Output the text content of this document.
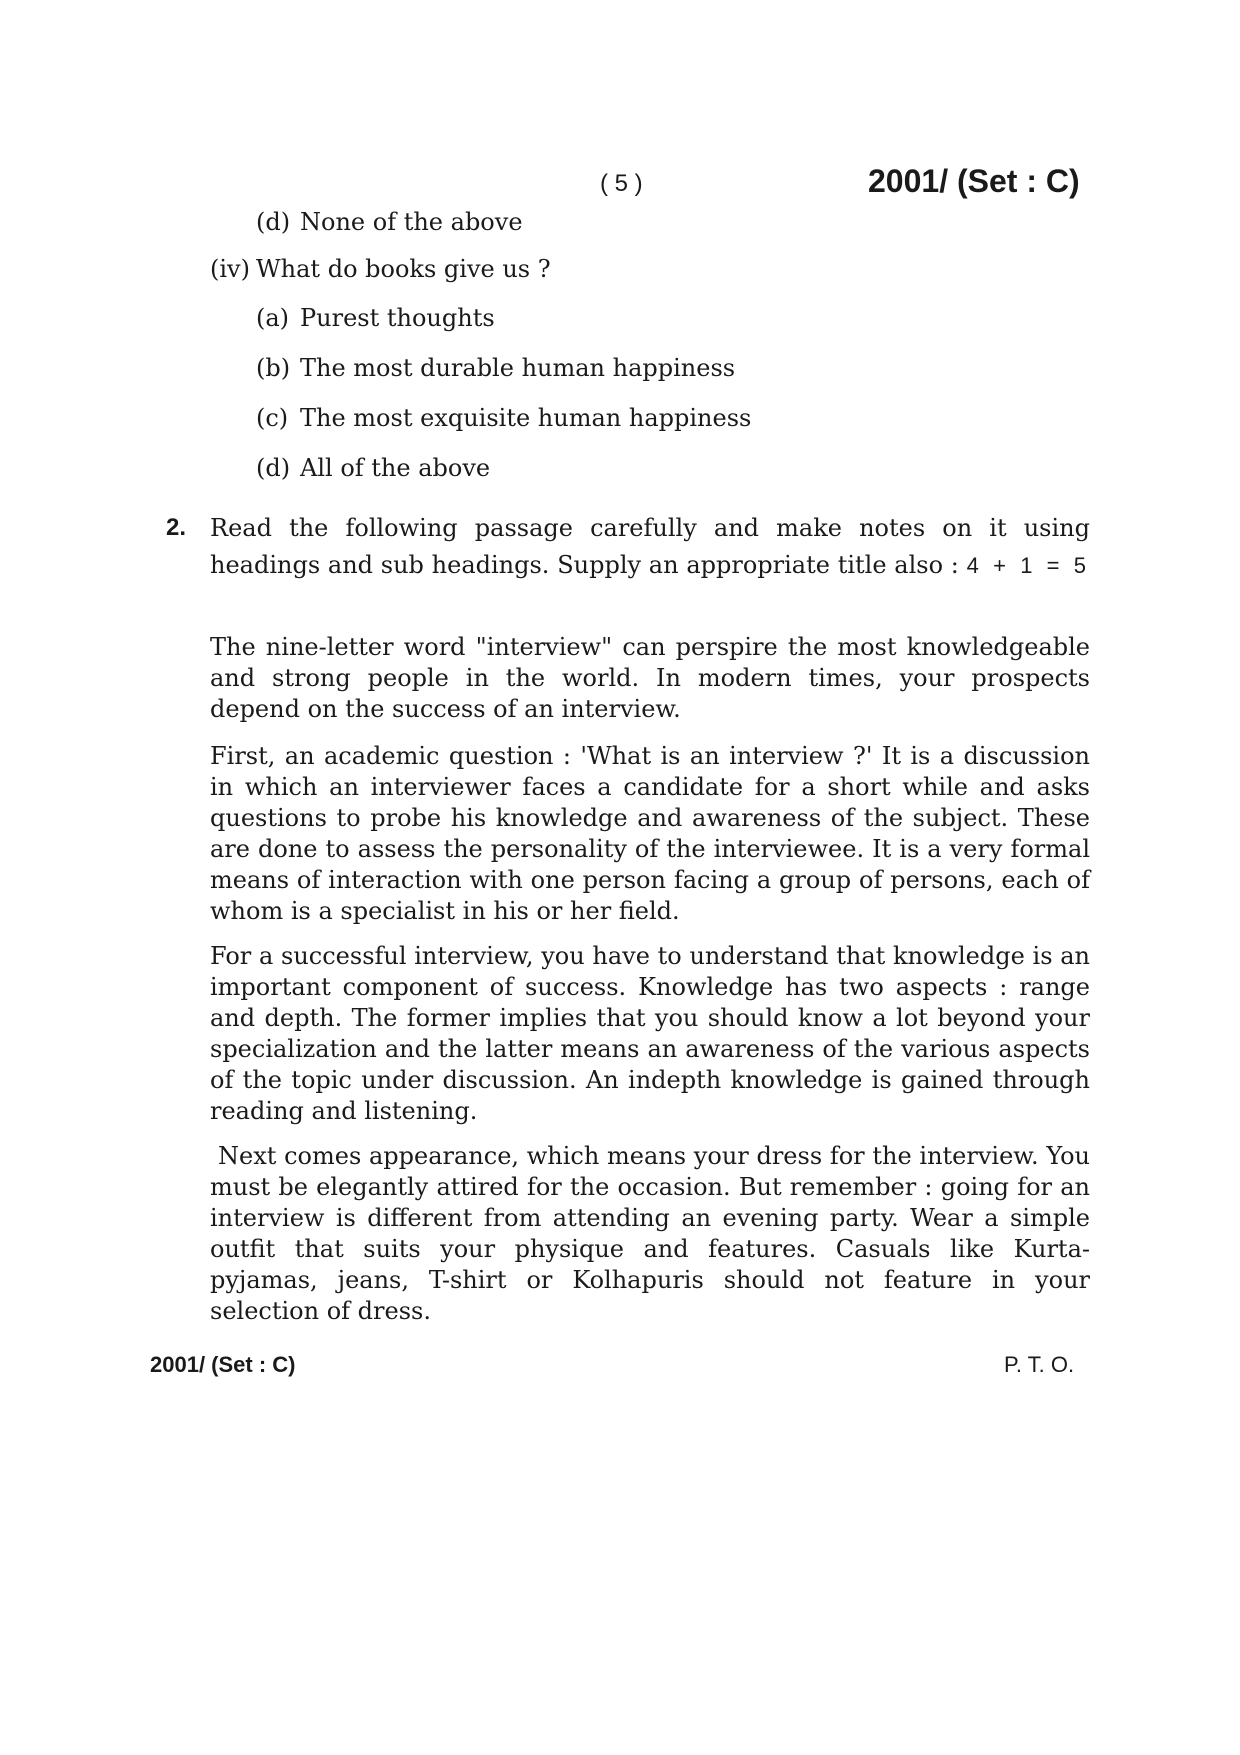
( 5 )	2001/ (Set : C)
(d) None of the above
(iv) What do books give us ?
(a) Purest thoughts
(b) The most durable human happiness
(c) The most exquisite human happiness
(d) All of the above
2. Read the following passage carefully and make notes on it using
headings and sub headings. Supply an appropriate title also : 4 + 1 = 5

The nine-letter word "interview" can perspire the most knowledgeable and strong people in the world. In modern times, your prospects depend on the success of an interview.

First, an academic question : 'What is an interview ?' It is a discussion in which an interviewer faces a candidate for a short while and asks questions to probe his knowledge and awareness of the subject. These are done to assess the personality of the interviewee. It is a very formal means of interaction with one person facing a group of persons, each of whom is a specialist in his or her field.

For a successful interview, you have to understand that knowledge is an important component of success. Knowledge has two aspects : range and depth. The former implies that you should know a lot beyond your specialization and the latter means an awareness of the various aspects of the topic under discussion. An indepth knowledge is gained through reading and listening.

Next comes appearance, which means your dress for the interview. You must be elegantly attired for the occasion. But remember : going for an interview is different from attending an evening party. Wear a simple outfit that suits your physique and features. Casuals like Kurta-pyjamas, jeans, T-shirt or Kolhapuris should not feature in your selection of dress.

2001/ (Set : C)	P. T. O.
